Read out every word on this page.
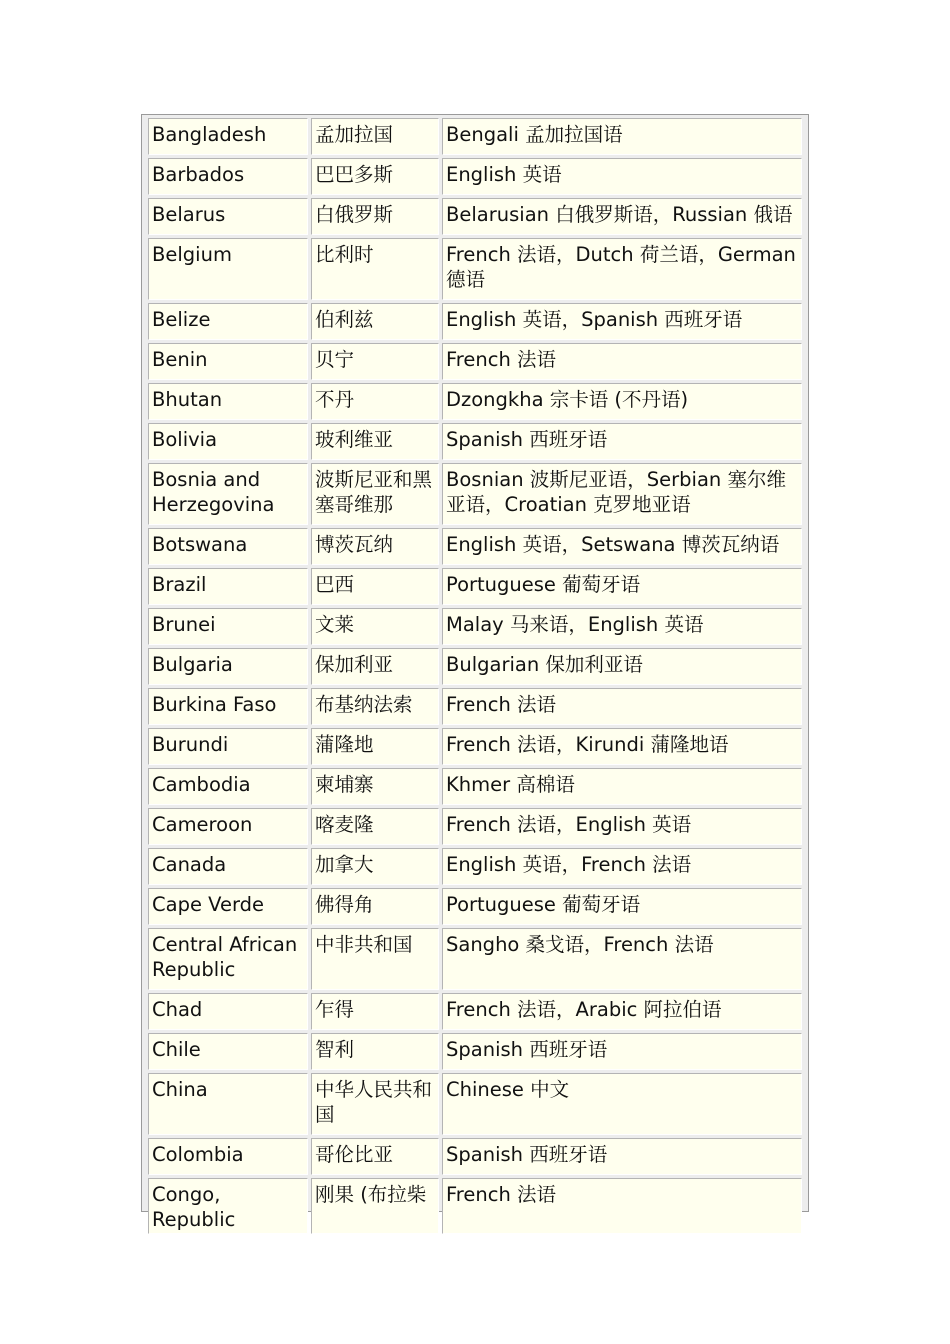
Bangladesh	孟加拉国	Bengali 孟加拉国语
Barbados	巴巴多斯	English 英语
Belarus	白俄罗斯	Belarusian 白俄罗斯语，Russian 俄语
Belgium	比利时	French 法语，Dutch 荷兰语，German 德语
Belize	伯利兹	English 英语，Spanish 西班牙语
Benin	贝宁	French 法语
Bhutan	不丹	Dzongkha 宗卡语 (不丹语)
Bolivia	玻利维亚	Spanish 西班牙语
Bosnia and Herzegovina	波斯尼亚和黑塞哥维那	Bosnian 波斯尼亚语，Serbian 塞尔维亚语，Croatian 克罗地亚语
Botswana	博茨瓦纳	English 英语，Setswana 博茨瓦纳语
Brazil	巴西	Portuguese 葡萄牙语
Brunei	文莱	Malay 马来语，English 英语
Bulgaria	保加利亚	Bulgarian 保加利亚语
Burkina Faso	布基纳法索	French 法语
Burundi	蒲隆地	French 法语，Kirundi 蒲隆地语
Cambodia	柬埔寨	Khmer 高棉语
Cameroon	喀麦隆	French 法语，English 英语
Canada	加拿大	English 英语，French 法语
Cape Verde	佛得角	Portuguese 葡萄牙语
Central African Republic	中非共和国	Sangho 桑戈语，French 法语
Chad	乍得	French 法语，Arabic 阿拉伯语
Chile	智利	Spanish 西班牙语
China	中华人民共和国	Chinese 中文
Colombia	哥伦比亚	Spanish 西班牙语
Congo, Republic	刚果 (布拉柴	French 法语
